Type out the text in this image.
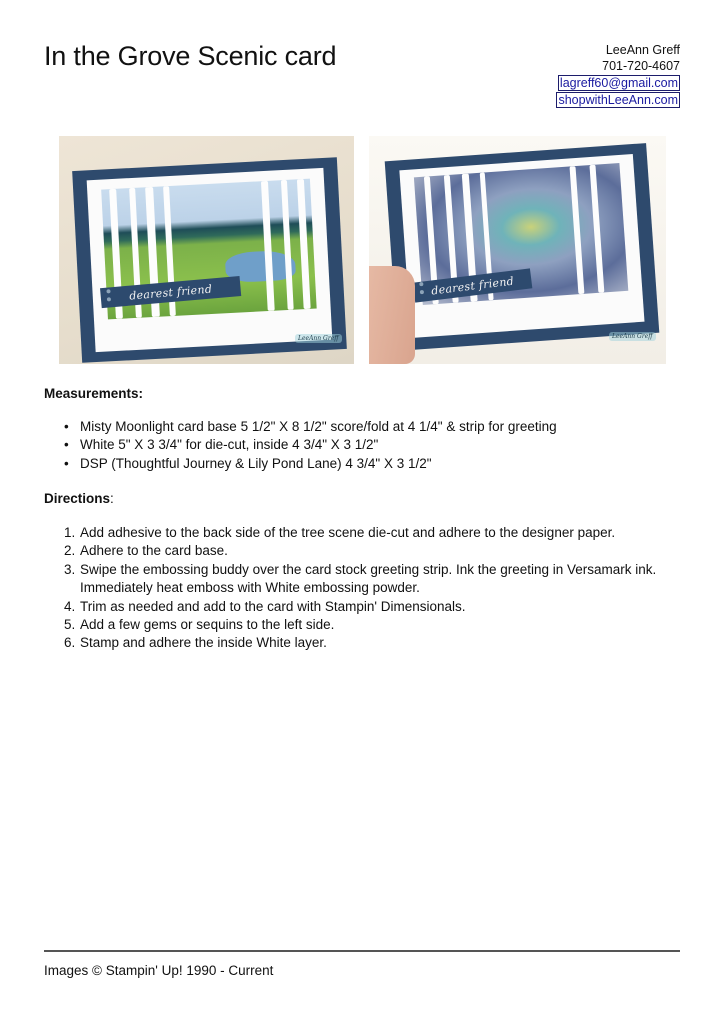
In the Grove Scenic card	LeeAnn Greff
701-720-4607
lagreff60@gmail.com
shopwithLeeAnn.com
dearest friend
LeeAnn Greff
dearest friend
LeeAnn Greff
Measurements:
• Misty Moonlight card base 5 1/2" X 8 1/2" score/fold at 4 1/4" & strip for greeting
• White 5" X 3 3/4" for die-cut, inside 4 3/4" X 3 1/2"
• DSP (Thoughtful Journey & Lily Pond Lane) 4 3/4" X 3 1/2"
Directions:
1. Add adhesive to the back side of the tree scene die-cut and adhere to the designer paper.
2. Adhere to the card base.
3. Swipe the embossing buddy over the card stock greeting strip. Ink the greeting in Versamark ink. Immediately heat emboss with White embossing powder.
4. Trim as needed and add to the card with Stampin' Dimensionals.
5. Add a few gems or sequins to the left side.
6. Stamp and adhere the inside White layer.
Images © Stampin' Up! 1990 - Current
